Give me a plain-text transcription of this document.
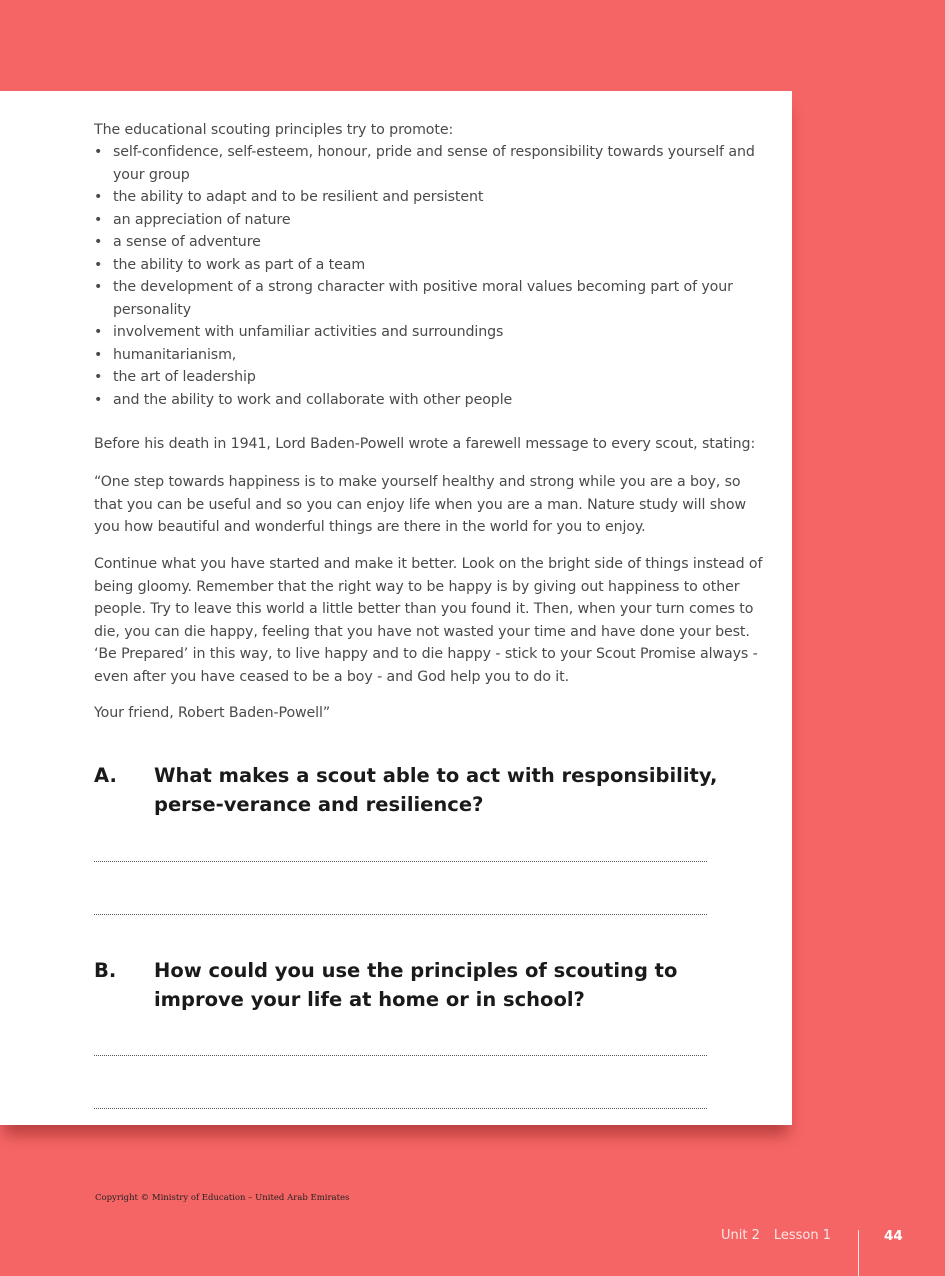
The educational scouting principles try to promote:
• self-confidence, self-esteem, honour, pride and sense of responsibility towards yourself and your group
• the ability to adapt and to be resilient and persistent
• an appreciation of nature
• a sense of adventure
• the ability to work as part of a team
• the development of a strong character with positive moral values becoming part of your personality
• involvement with unfamiliar activities and surroundings
• humanitarianism,
• the art of leadership
• and the ability to work and collaborate with other people
Before his death in 1941, Lord Baden-Powell wrote a farewell message to every scout, stating:
“One step towards happiness is to make yourself healthy and strong while you are a boy, so that you can be useful and so you can enjoy life when you are a man. Nature study will show you how beautiful and wonderful things are there in the world for you to enjoy.
Continue what you have started and make it better. Look on the bright side of things instead of being gloomy. Remember that the right way to be happy is by giving out happiness to other people. Try to leave this world a little better than you found it. Then, when your turn comes to die, you can die happy, feeling that you have not wasted your time and have done your best. ‘Be Prepared’ in this way, to live happy and to die happy - stick to your Scout Promise always - even after you have ceased to be a boy - and God help you to do it.
Your friend, Robert Baden-Powell”
A. What makes a scout able to act with responsibility, perse-verance and resilience?
B. How could you use the principles of scouting to improve your life at home or in school?
Copyright © Ministry of Education – United Arab Emirates
Unit 2 Lesson 1	44
